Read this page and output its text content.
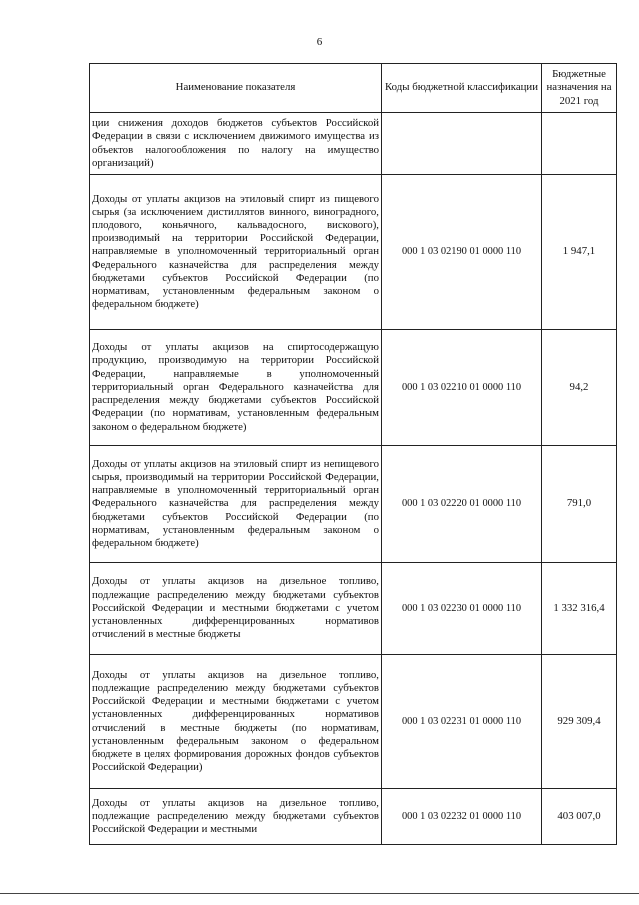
6
Наименование показателя	Коды бюджетной классификации	Бюджетные назначения на 2021 год
ции снижения доходов бюджетов субъектов Российской Федерации в связи с исключением движимого имущества из объектов налогообложения по налогу на имущество организаций)		
Доходы от уплаты акцизов на этиловый спирт из пищевого сырья (за исключением дистиллятов винного, виноградного, плодового, коньячного, кальвадосного, вискового), производимый на территории Российской Федерации, направляемые в уполномоченный территориальный орган Федерального казначейства для распределения между бюджетами субъектов Российской Федерации (по нормативам, установленным федеральным законом о федеральном бюджете)	000 1 03 02190 01 0000 110	1 947,1
Доходы от уплаты акцизов на спиртосодержащую продукцию, производимую на территории Российской Федерации, направляемые в уполномоченный территориальный орган Федерального казначейства для распределения между бюджетами субъектов Российской Федерации (по нормативам, установленным федеральным законом о федеральном бюджете)	000 1 03 02210 01 0000 110	94,2
Доходы от уплаты акцизов на этиловый спирт из непищевого сырья, производимый на территории Российской Федерации, направляемые в уполномоченный территориальный орган Федерального казначейства для распределения между бюджетами субъектов Российской Федерации (по нормативам, установленным федеральным законом о федеральном бюджете)	000 1 03 02220 01 0000 110	791,0
Доходы от уплаты акцизов на дизельное топливо, подлежащие распределению между бюджетами субъектов Российской Федерации и местными бюджетами с учетом установленных дифференцированных нормативов отчислений в местные бюджеты	000 1 03 02230 01 0000 110	1 332 316,4
Доходы от уплаты акцизов на дизельное топливо, подлежащие распределению между бюджетами субъектов Российской Федерации и местными бюджетами с учетом установленных дифференцированных нормативов отчислений в местные бюджеты (по нормативам, установленным федеральным законом о федеральном бюджете в целях формирования дорожных фондов субъектов Российской Федерации)	000 1 03 02231 01 0000 110	929 309,4
Доходы от уплаты акцизов на дизельное топливо, подлежащие распределению между бюджетами субъектов Российской Федерации и местными	000 1 03 02232 01 0000 110	403 007,0
